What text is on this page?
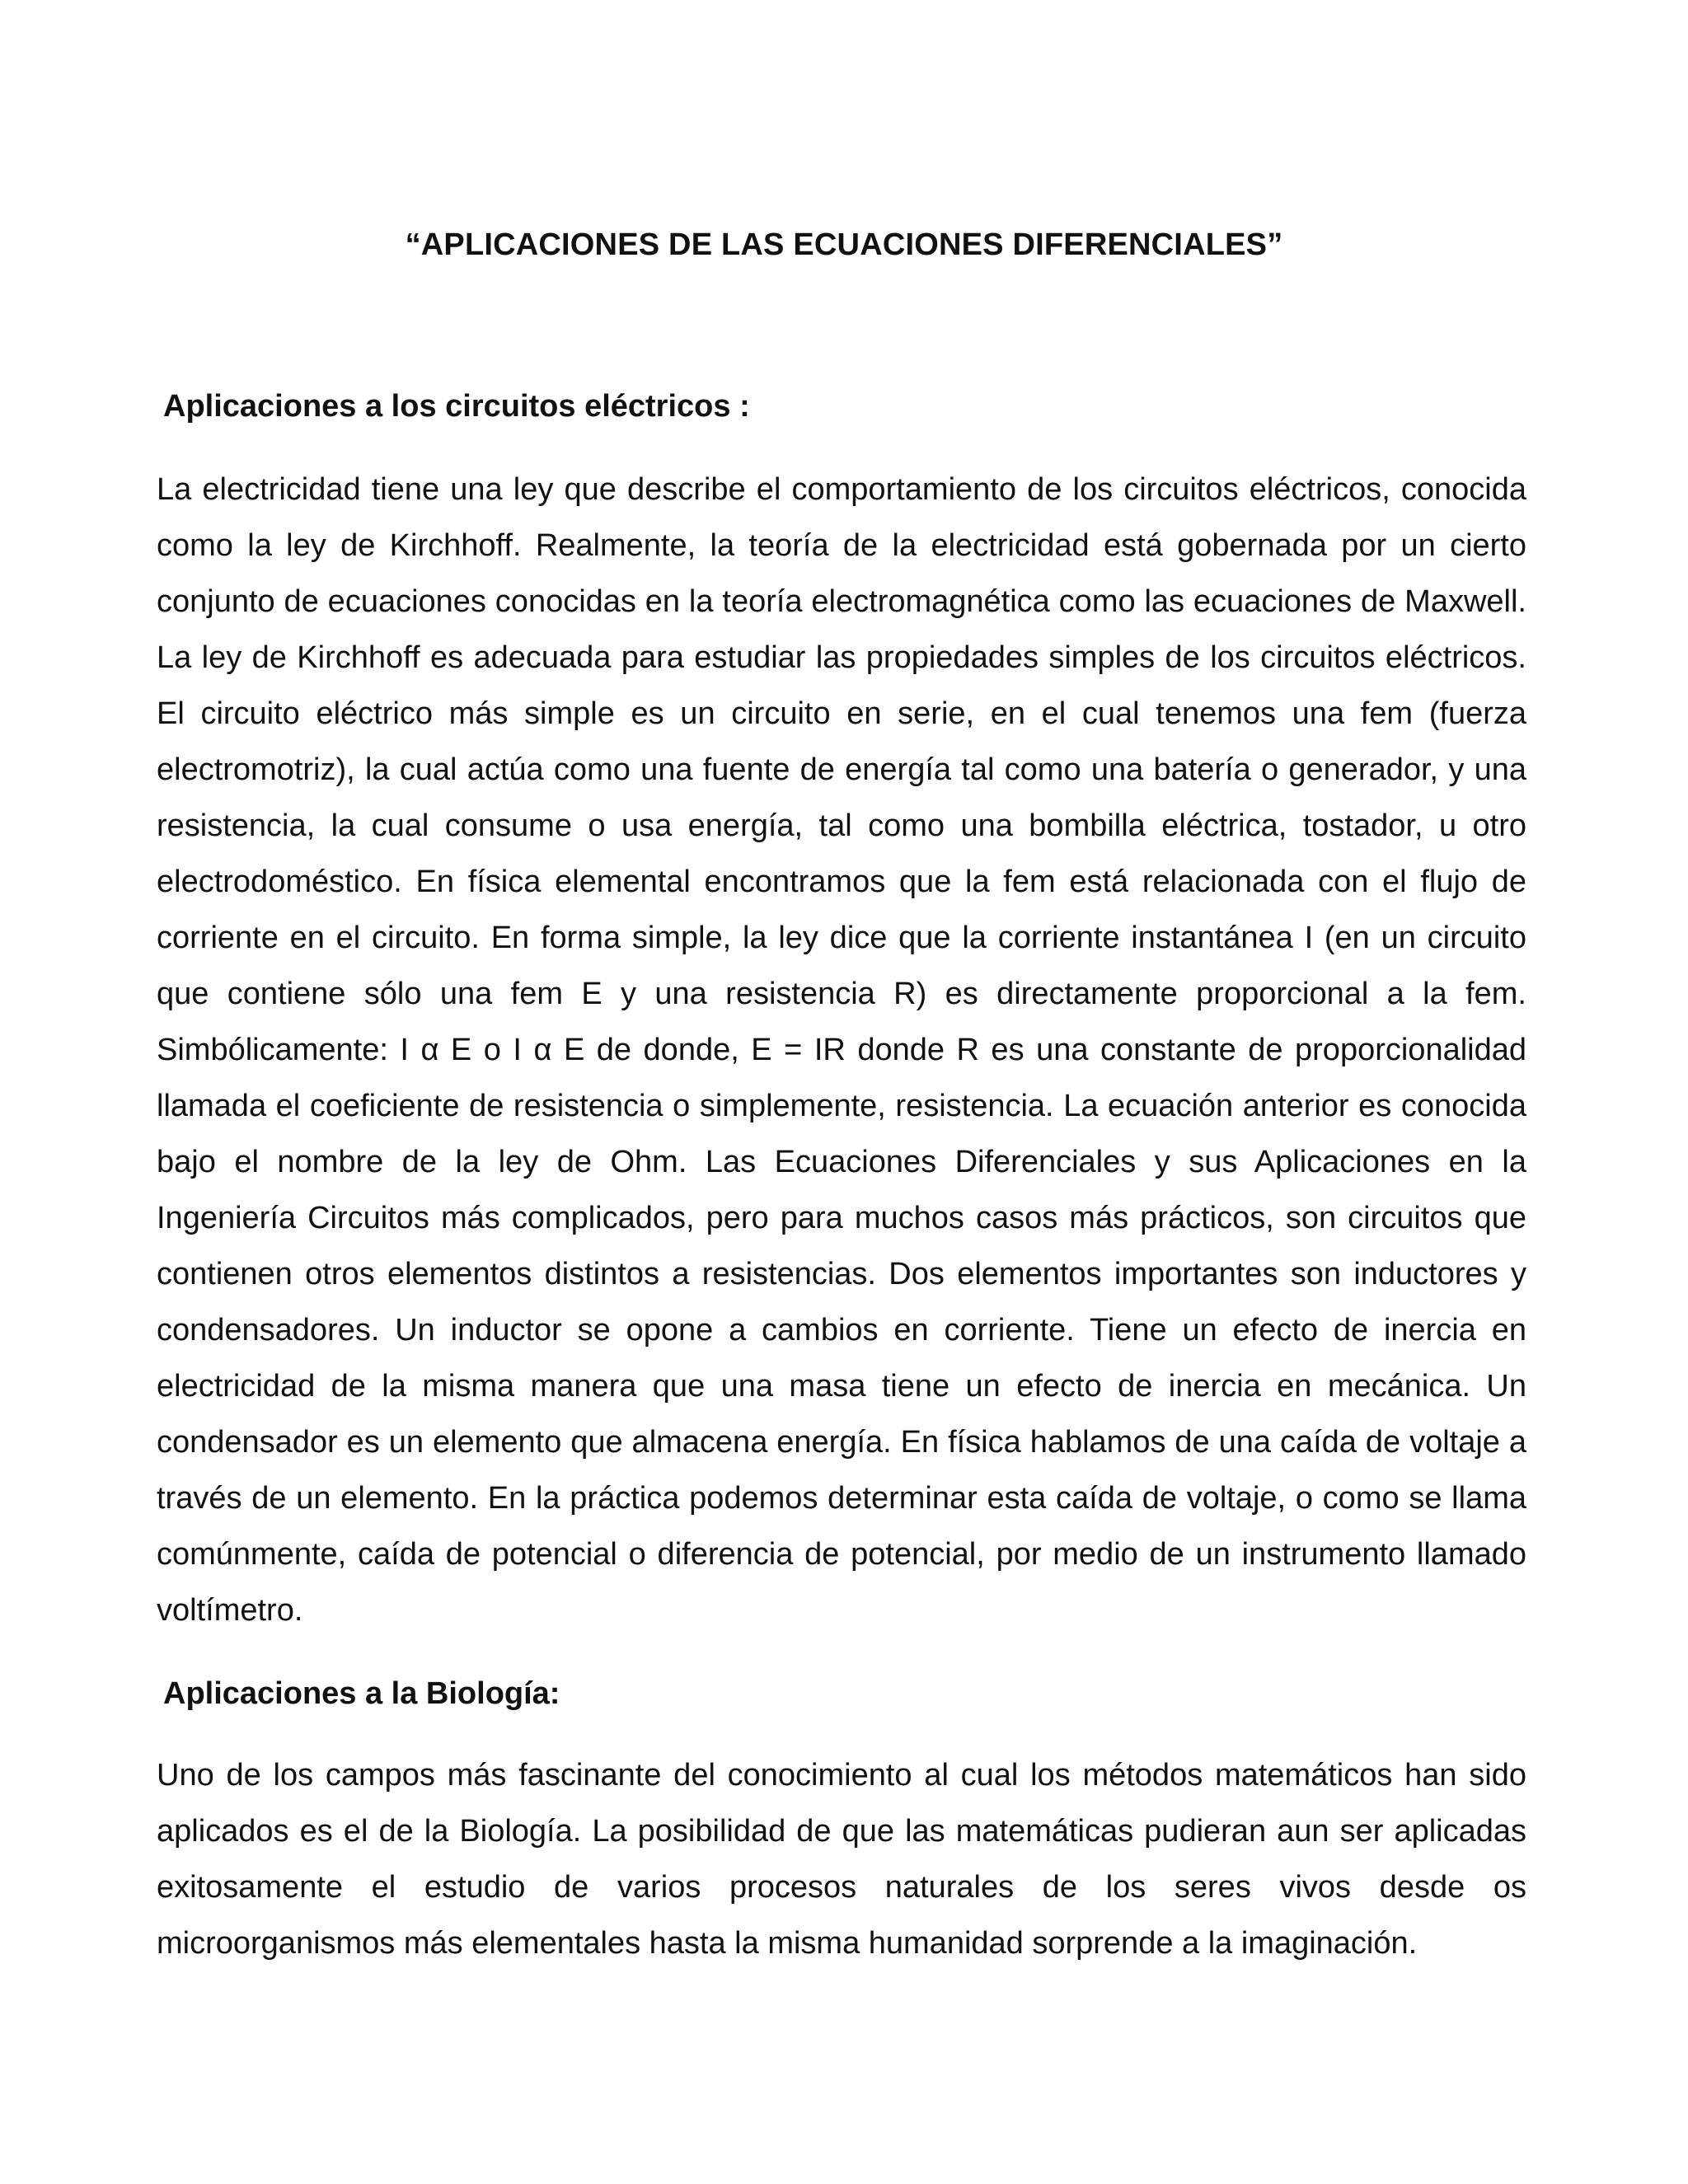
“APLICACIONES DE LAS ECUACIONES DIFERENCIALES”
Aplicaciones a los circuitos eléctricos :

La electricidad tiene una ley que describe el comportamiento de los circuitos eléctricos, conocida como la ley de Kirchhoff. Realmente, la teoría de la electricidad está gobernada por un cierto conjunto de ecuaciones conocidas en la teoría electromagnética como las ecuaciones de Maxwell. La ley de Kirchhoff es adecuada para estudiar las propiedades simples de los circuitos eléctricos. El circuito eléctrico más simple es un circuito en serie, en el cual tenemos una fem (fuerza electromotriz), la cual actúa como una fuente de energía tal como una batería o generador, y una resistencia, la cual consume o usa energía, tal como una bombilla eléctrica, tostador, u otro electrodoméstico. En física elemental encontramos que la fem está relacionada con el flujo de corriente en el circuito. En forma simple, la ley dice que la corriente instantánea I (en un circuito que contiene sólo una fem E y una resistencia R) es directamente proporcional a la fem. Simbólicamente: I α E o I α E de donde, E = IR donde R es una constante de proporcionalidad llamada el coeficiente de resistencia o simplemente, resistencia. La ecuación anterior es conocida bajo el nombre de la ley de Ohm. Las Ecuaciones Diferenciales y sus Aplicaciones en la Ingeniería Circuitos más complicados, pero para muchos casos más prácticos, son circuitos que contienen otros elementos distintos a resistencias. Dos elementos importantes son inductores y condensadores. Un inductor se opone a cambios en corriente. Tiene un efecto de inercia en electricidad de la misma manera que una masa tiene un efecto de inercia en mecánica. Un condensador es un elemento que almacena energía. En física hablamos de una caída de voltaje a través de un elemento. En la práctica podemos determinar esta caída de voltaje, o como se llama comúnmente, caída de potencial o diferencia de potencial, por medio de un instrumento llamado voltímetro.

Aplicaciones a la Biología:

Uno de los campos más fascinante del conocimiento al cual los métodos matemáticos han sido aplicados es el de la Biología. La posibilidad de que las matemáticas pudieran aun ser aplicadas exitosamente el estudio de varios procesos naturales de los seres vivos desde os microorganismos más elementales hasta la misma humanidad sorprende a la imaginación.
